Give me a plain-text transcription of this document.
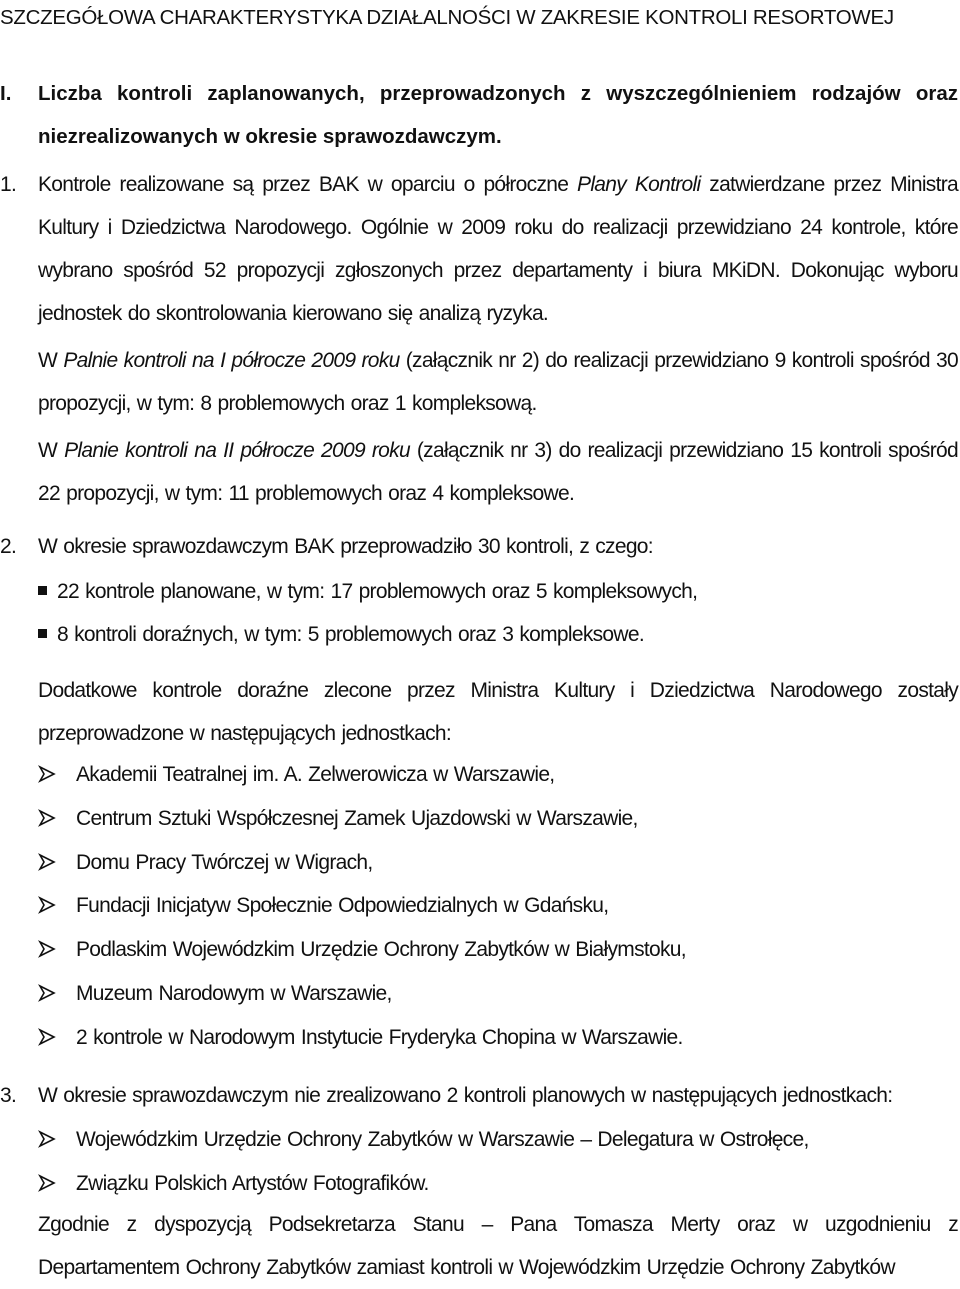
SZCZEGÓŁOWA CHARAKTERYSTYKA DZIAŁALNOŚCI W ZAKRESIE KONTROLI RESORTOWEJ
I. Liczba kontroli zaplanowanych, przeprowadzonych z wyszczególnieniem rodzajów oraz niezrealizowanych w okresie sprawozdawczym.
1. Kontrole realizowane są przez BAK w oparciu o półroczne Plany Kontroli zatwierdzane przez Ministra Kultury i Dziedzictwa Narodowego. Ogólnie w 2009 roku do realizacji przewidziano 24 kontrole, które wybrano spośród 52 propozycji zgłoszonych przez departamenty i biura MKiDN. Dokonując wyboru jednostek do skontrolowania kierowano się analizą ryzyka.

W Palnie kontroli na I półrocze 2009 roku (załącznik nr 2) do realizacji przewidziano 9 kontroli spośród 30 propozycji, w tym: 8 problemowych oraz 1 kompleksową.

W Planie kontroli na II półrocze 2009 roku (załącznik nr 3) do realizacji przewidziano 15 kontroli spośród 22 propozycji, w tym: 11 problemowych oraz 4 kompleksowe.

2. W okresie sprawozdawczym BAK przeprowadziło 30 kontroli, z czego:
22 kontrole planowane, w tym: 17 problemowych oraz 5 kompleksowych,
8 kontroli doraźnych, w tym: 5 problemowych oraz 3 kompleksowe.

Dodatkowe kontrole doraźne zlecone przez Ministra Kultury i Dziedzictwa Narodowego zostały przeprowadzone w następujących jednostkach:

Akademii Teatralnej im. A. Zelwerowicza w Warszawie,
Centrum Sztuki Współczesnej Zamek Ujazdowski w Warszawie,
Domu Pracy Twórczej w Wigrach,
Fundacji Inicjatyw Społecznie Odpowiedzialnych w Gdańsku,
Podlaskim Wojewódzkim Urzędzie Ochrony Zabytków w Białymstoku,
Muzeum Narodowym w Warszawie,
2 kontrole w Narodowym Instytucie Fryderyka Chopina w Warszawie.
3. W okresie sprawozdawczym nie zrealizowano 2 kontroli planowych w następujących jednostkach:
Wojewódzkim Urzędzie Ochrony Zabytków w Warszawie – Delegatura w Ostrołęce,
Związku Polskich Artystów Fotografików.

Zgodnie z dyspozycją Podsekretarza Stanu – Pana Tomasza Merty oraz w uzgodnieniu z Departamentem Ochrony Zabytków zamiast kontroli w Wojewódzkim Urzędzie Ochrony Zabytków
